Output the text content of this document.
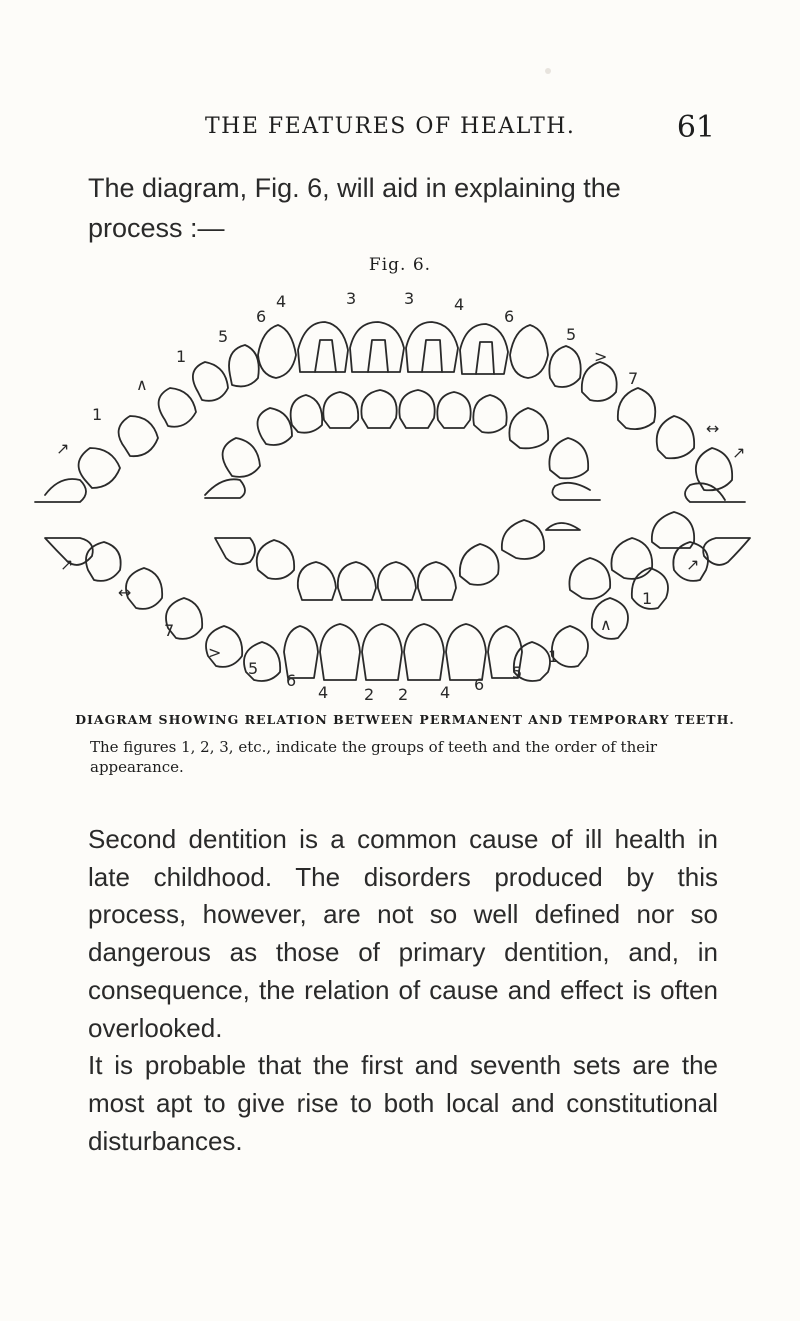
THE FEATURES OF HEALTH.	61
The diagram, Fig. 6, will aid in explaining the process :—
Fig. 6.
4	3	3 4
6	6
5	5
1	>
∧	7
1
↔
↗	↗
6
4 2 2 4 6
5	5
1
>
∧
7
1
↔
↗	↗
DIAGRAM SHOWING RELATION BETWEEN PERMANENT AND TEMPORARY TEETH.
The figures 1, 2, 3, etc., indicate the groups of teeth and the order of their appearance.

Second dentition is a common cause of ill health in late childhood. The disorders produced by this process, however, are not so well defined nor so dangerous as those of primary dentition, and, in consequence, the relation of cause and effect is often overlooked.

It is probable that the first and seventh sets are the most apt to give rise to both local and constitutional disturbances.
